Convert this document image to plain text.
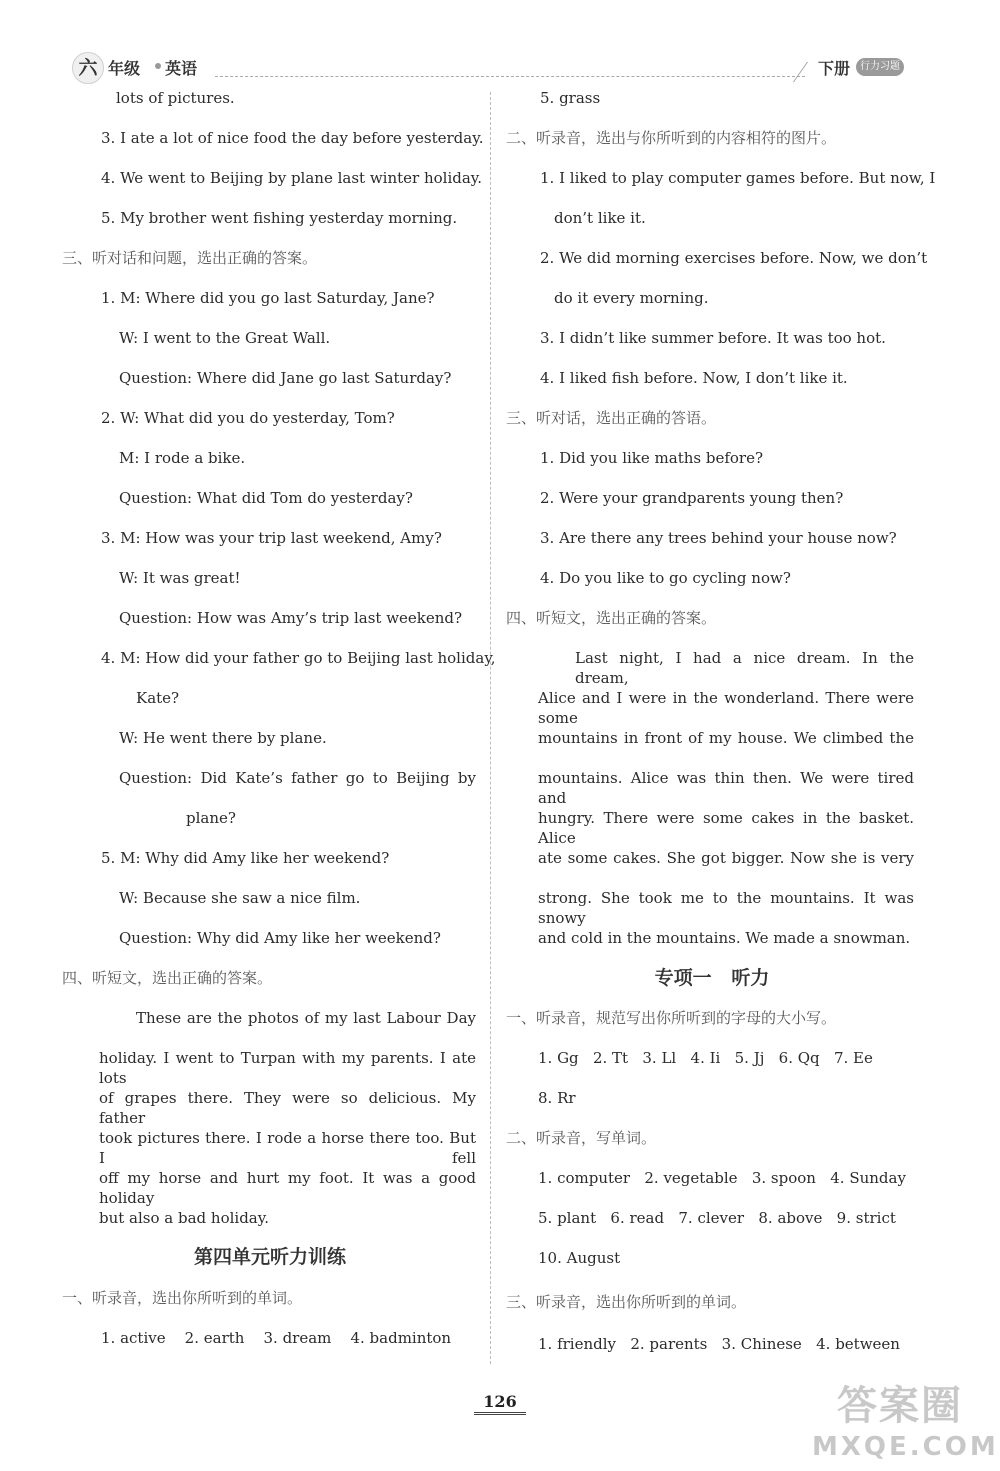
六 年级 英语	下册 行力习题
lots of pictures.
3. I ate a lot of nice food the day before yesterday.
4. We went to Beijing by plane last winter holiday.
5. My brother went fishing yesterday morning.
三、听对话和问题，选出正确的答案。
1. M: Where did you go last Saturday, Jane?
W: I went to the Great Wall.
Question: Where did Jane go last Saturday?
2. W: What did you do yesterday, Tom?
M: I rode a bike.
Question: What did Tom do yesterday?
3. M: How was your trip last weekend, Amy?
W: It was great!
Question: How was Amy’s trip last weekend?
4. M: How did your father go to Beijing last holiday,
Kate?
W: He went there by plane.
Question: Did Kate’s father go to Beijing by
plane?
5. M: Why did Amy like her weekend?
W: Because she saw a nice film.
Question: Why did Amy like her weekend?
四、听短文，选出正确的答案。
These are the photos of my last Labour Day
holiday. I went to Turpan with my parents. I ate lots
of grapes there. They were so delicious. My father
took pictures there. I rode a horse there too. But I fell
off my horse and hurt my foot. It was a good holiday
but also a bad holiday.
第四单元听力训练
一、听录音，选出你所听到的单词。
1. active    2. earth    3. dream    4. badminton
5. grass
二、听录音，选出与你所听到的内容相符的图片。
1. I liked to play computer games before. But now, I
don’t like it.
2. We did morning exercises before. Now, we don’t
do it every morning.
3. I didn’t like summer before. It was too hot.
4. I liked fish before. Now, I don’t like it.
三、听对话，选出正确的答语。
1. Did you like maths before?
2. Were your grandparents young then?
3. Are there any trees behind your house now?
4. Do you like to go cycling now?
四、听短文，选出正确的答案。
Last night, I had a nice dream. In the dream,
Alice and I were in the wonderland. There were some
mountains in front of my house. We climbed the
mountains. Alice was thin then. We were tired and
hungry. There were some cakes in the basket. Alice
ate some cakes. She got bigger. Now she is very
strong. She took me to the mountains. It was snowy
and cold in the mountains. We made a snowman.
专项一   听力
一、听录音，规范写出你所听到的字母的大小写。
1. Gg   2. Tt   3. Ll   4. Ii   5. Jj   6. Qq   7. Ee
8. Rr
二、听录音，写单词。
1. computer   2. vegetable   3. spoon   4. Sunday
5. plant   6. read   7. clever   8. above   9. strict
10. August
三、听录音，选出你所听到的单词。
1. friendly   2. parents   3. Chinese   4. between
126	答案圈
MXQE.COM
